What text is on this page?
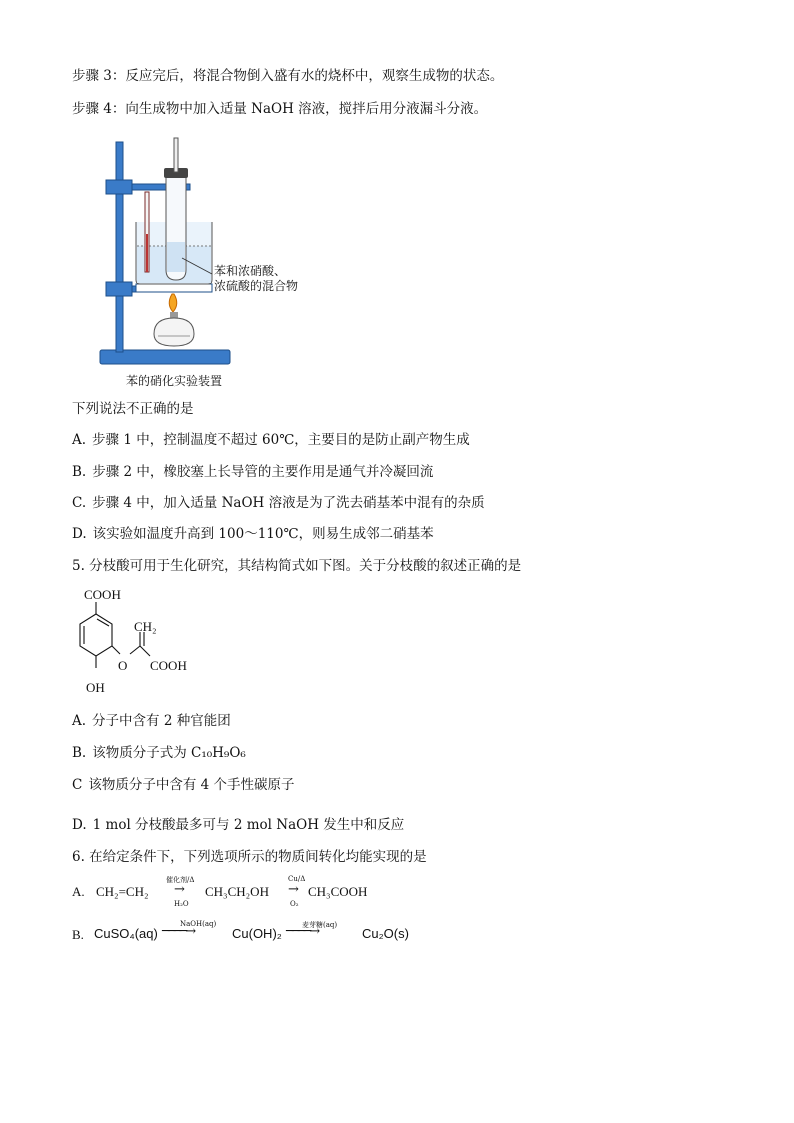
步骤 3：反应完后，将混合物倒入盛有水的烧杯中，观察生成物的状态。
步骤 4：向生成物中加入适量 NaOH 溶液，搅拌后用分液漏斗分液。
苯和浓硝酸、
浓硫酸的混合物
苯的硝化实验装置
下列说法不正确的是
A. 步骤 1 中，控制温度不超过 60℃，主要目的是防止副产物生成
B. 步骤 2 中，橡胶塞上长导管的主要作用是通气并冷凝回流
C. 步骤 4 中，加入适量 NaOH 溶液是为了洗去硝基苯中混有的杂质
D. 该实验如温度升高到 100～110℃，则易生成邻二硝基苯
5. 分枝酸可用于生化研究，其结构简式如下图。关于分枝酸的叙述正确的是
COOH
CH₂
O COOH
OH
A. 分子中含有 2 种官能团
B. 该物质分子式为 C₁₀H₉O₆
C 该物质分子中含有 4 个手性碳原子
D. 1 mol 分枝酸最多可与 2 mol NaOH 发生中和反应
6. 在给定条件下，下列选项所示的物质间转化均能实现的是
A. CH₂=CH₂
催化剂/Δ
→
H₂O
CH₃CH₂OH
Cu/Δ
→
O₂
CH₃COOH
B. CuSO₄(aq)
NaOH(aq)
────→	Cu(OH)₂
麦芽糖(aq)
────→	Cu₂O(s)
